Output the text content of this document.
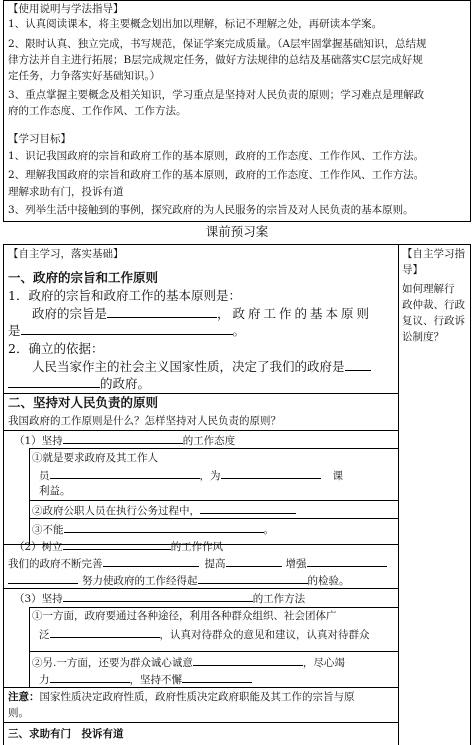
【使用说明与学法指导】
1、认真阅读课本，将主要概念划出加以理解，标记不理解之处，再研读本学案。
2、限时认真、独立完成，书写规范，保证学案完成质量。（A层牢固掌握基础知识，总结规
律方法并自主进行拓展；B层完成规定任务，做好方法规律的总结及基础落实C层完成好规
定任务，力争落实好基础知识。）
3、重点掌握主要概念及相关知识，学习重点是坚持对人民负责的原则；学习难点是理解政
府的工作态度、工作作风、工作方法。
【学习目标】
1、识记我国政府的宗旨和政府工作的基本原则，政府的工作态度、工作作风、工作方法。
2、理解我国政府的宗旨和政府工作的基本原则，政府的工作态度、工作作风、工作方法。
理解求助有门，投诉有道
3、列举生活中接触到的事例，探究政府的为人民服务的宗旨及对人民负责的基本原则。
课前预习案
【自主学习指
导】
如何理解行
政仲裁、行政
复议、行政诉
讼制度？
【自主学习，落实基础】
一、政府的宗旨和工作原则
1．政府的宗旨和政府工作的基本原则是：
政府的宗旨是	，政府工作的基本原则
是	。
2．确立的依据：
人民当家作主的社会主义国家性质，决定了我们的政府是
的政府。
二、坚持对人民负责的原则
我国政府的工作原则是什么？怎样坚持对人民负责的原则？
（1）坚持	的工作态度
①就是要求政府及其工作人
员	，为	课
利益。
②政府公职人员在执行公务过程中，
③不能	。
（2）树立	的工作作风
我们的政府不断完善	提高	增强
努力使政府的工作经得起	的检验。
（3）坚持	的工作方法
①一方面，政府要通过各种途径，利用各种群众组织、社会团体广
泛	，认真对待群众的意见和建议，认真对待群众
②另.一方面，还要为群众诚心诚意	，尽心竭
力	，坚持不懈
注意：国家性质决定政府性质，政府性质决定政府职能及其工作的宗旨与原
则。
三、求助有门　投诉有道
